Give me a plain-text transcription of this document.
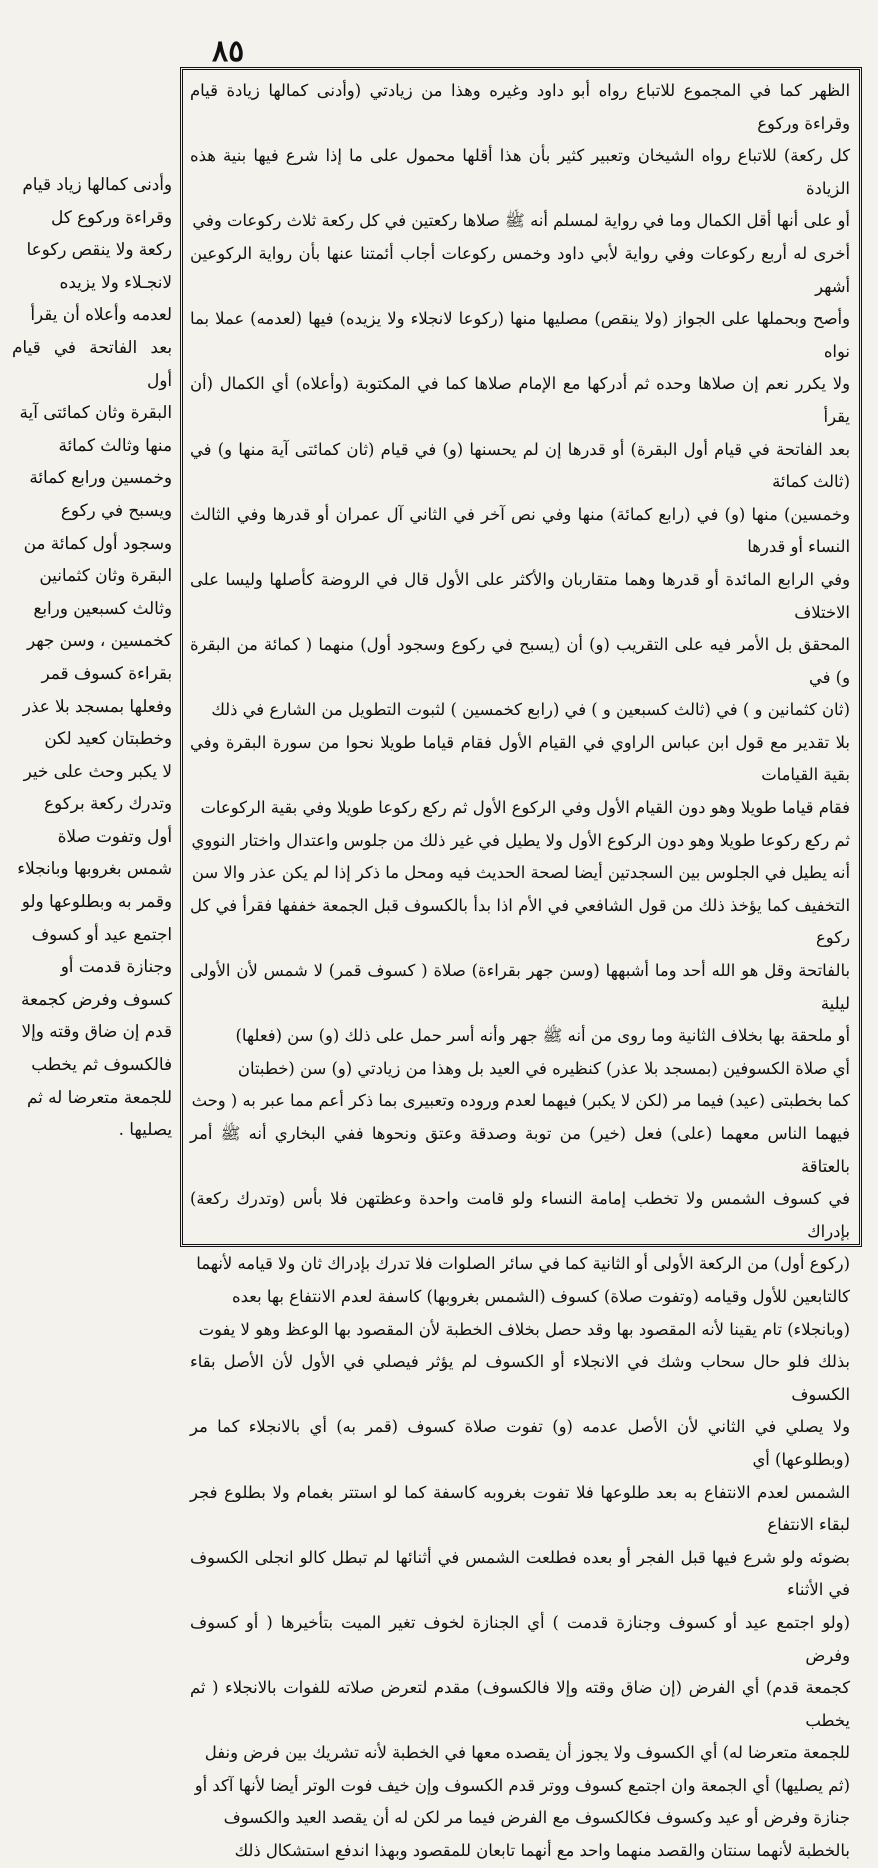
٨٥

الظهر كما في المجموع للاتباع رواه أبو داود وغيره وهذا من زيادتي (وأدنى كمالها زيادة قيام وقراءة وركوع

كل ركعة) للاتباع رواه الشيخان وتعبير كثير بأن هذا أقلها محمول على ما إذا شرع فيها بنية هذه الزيادة

أو على أنها أقل الكمال وما في رواية لمسلم أنه ﷺ صلاها ركعتين في كل ركعة ثلاث ركوعات وفي

أخرى له أربع ركوعات وفي رواية لأبي داود وخمس ركوعات أجاب أئمتنا عنها بأن رواية الركوعين أشهر

وأصح وبحملها على الجواز (ولا ينقص) مصليها منها (ركوعا لانجلاء ولا يزيده) فيها (لعدمه) عملا بما نواه

ولا يكرر نعم إن صلاها وحده ثم أدركها مع الإمام صلاها كما في المكتوبة (وأعلاه) أي الكمال (أن يقرأ

بعد الفاتحة في قيام أول البقرة) أو قدرها إن لم يحسنها (و) في قيام (ثان كمائتى آية منها و) في (ثالث كمائة

وخمسين) منها (و) في (رابع كمائة) منها وفي نص آخر في الثاني آل عمران أو قدرها وفي الثالث النساء أو قدرها

وفي الرابع المائدة أو قدرها وهما متقاربان والأكثر على الأول قال في الروضة كأصلها وليسا على الاختلاف

المحقق بل الأمر فيه على التقريب (و) أن (يسبح في ركوع وسجود أول) منهما ( كمائة من البقرة و) في

(ثان كثمانين و ) في (ثالث كسبعين و ) في (رابع كخمسين ) لثبوت التطويل من الشارع في ذلك

بلا تقدير مع قول ابن عباس الراوي في القيام الأول فقام قياما طويلا نحوا من سورة البقرة وفي بقية القيامات

فقام قياما طويلا وهو دون القيام الأول وفي الركوع الأول ثم ركع ركوعا طويلا وفي بقية الركوعات

ثم ركع ركوعا طويلا وهو دون الركوع الأول ولا يطيل في غير ذلك من جلوس واعتدال واختار النووي

أنه يطيل في الجلوس بين السجدتين أيضا لصحة الحديث فيه ومحل ما ذكر إذا لم يكن عذر والا سن

التخفيف كما يؤخذ ذلك من قول الشافعي في الأم اذا بدأ بالكسوف قبل الجمعة خففها فقرأ في كل ركوع

بالفاتحة وقل هو الله أحد وما أشبهها (وسن جهر بقراءة) صلاة ( كسوف قمر) لا شمس لأن الأولى ليلية

أو ملحقة بها بخلاف الثانية وما روى من أنه ﷺ جهر وأنه أسر حمل على ذلك (و) سن (فعلها)

أي صلاة الكسوفين (بمسجد بلا عذر) كنظيره في العيد بل وهذا من زيادتي (و) سن (خطبتان

كما بخطبتى (عيد) فيما مر (لكن لا يكبر) فيهما لعدم وروده وتعبيرى بما ذكر أعم مما عبر به ( وحث

فيهما الناس معهما (على) فعل (خير) من توبة وصدقة وعتق ونحوها ففي البخاري أنه ﷺ أمر بالعتاقة

في كسوف الشمس ولا تخطب إمامة النساء ولو قامت واحدة وعظتهن فلا بأس (وتدرك ركعة) بإدراك

(ركوع أول) من الركعة الأولى أو الثانية كما في سائر الصلوات فلا تدرك بإدراك ثان ولا قيامه لأنهما

كالتابعين للأول وقيامه (وتفوت صلاة) كسوف (الشمس بغروبها) كاسفة لعدم الانتفاع بها بعده

(وبانجلاء) تام يقينا لأنه المقصود بها وقد حصل بخلاف الخطبة لأن المقصود بها الوعظ وهو لا يفوت

بذلك فلو حال سحاب وشك في الانجلاء أو الكسوف لم يؤثر فيصلي في الأول لأن الأصل بقاء الكسوف

ولا يصلي في الثاني لأن الأصل عدمه (و) تفوت صلاة كسوف (قمر به) أي بالانجلاء كما مر (وبطلوعها) أي

الشمس لعدم الانتفاع به بعد طلوعها فلا تفوت بغروبه كاسفة كما لو استتر بغمام ولا بطلوع فجر لبقاء الانتفاع

بضوئه ولو شرع فيها قبل الفجر أو بعده فطلعت الشمس في أثنائها لم تبطل كالو انجلى الكسوف في الأثناء

(ولو اجتمع عيد أو كسوف وجنازة قدمت ) أي الجنازة لخوف تغير الميت بتأخيرها ( أو كسوف وفرض

كجمعة قدم) أي الفرض (إن ضاق وقته وإلا فالكسوف) مقدم لتعرض صلاته للفوات بالانجلاء ( ثم يخطب

للجمعة متعرضا له) أي الكسوف ولا يجوز أن يقصده معها في الخطبة لأنه تشريك بين فرض ونفل

(ثم يصليها) أي الجمعة وان اجتمع كسوف ووتر قدم الكسوف وإن خيف فوت الوتر أيضا لأنها آكد أو

جنازة وفرض أو عيد وكسوف فكالكسوف مع الفرض فيما مر لكن له أن يقصد العيد والكسوف

بالخطبة لأنهما سنتان والقصد منهما واحد مع أنهما تابعان للمقصود وبهذا اندفع استشكال ذلك

وأدنى كمالها زياد قيام

وقراءة وركوع كل

ركعة ولا ينقص ركوعا

لانجـلاء ولا يزيده

لعدمه وأعلاه أن يقرأ

بعد الفاتحة في قيام أول

البقرة وثان كمائتى آية

منها وثالث كمائة

وخمسين ورابع كمائة

ويسبح في ركوع

وسجود أول كمائة من

البقرة وثان كثمانين

وثالث كسبعين ورابع

كخمسين ، وسن جهر

بقراءة كسوف قمر

وفعلها بمسجد بلا عذر

وخطبتان كعيد لكن

لا يكبر وحث على خير

وتدرك ركعة بركوع

أول وتفوت صلاة

شمس بغروبها وبانجلاء

وقمر به وبطلوعها ولو

اجتمع عيد أو كسوف

وجنازة قدمت أو

كسوف وفرض كجمعة

قدم إن ضاق وقته وإلا

فالكسوف ثم يخطب

للجمعة متعرضا له ثم

يصليها .
